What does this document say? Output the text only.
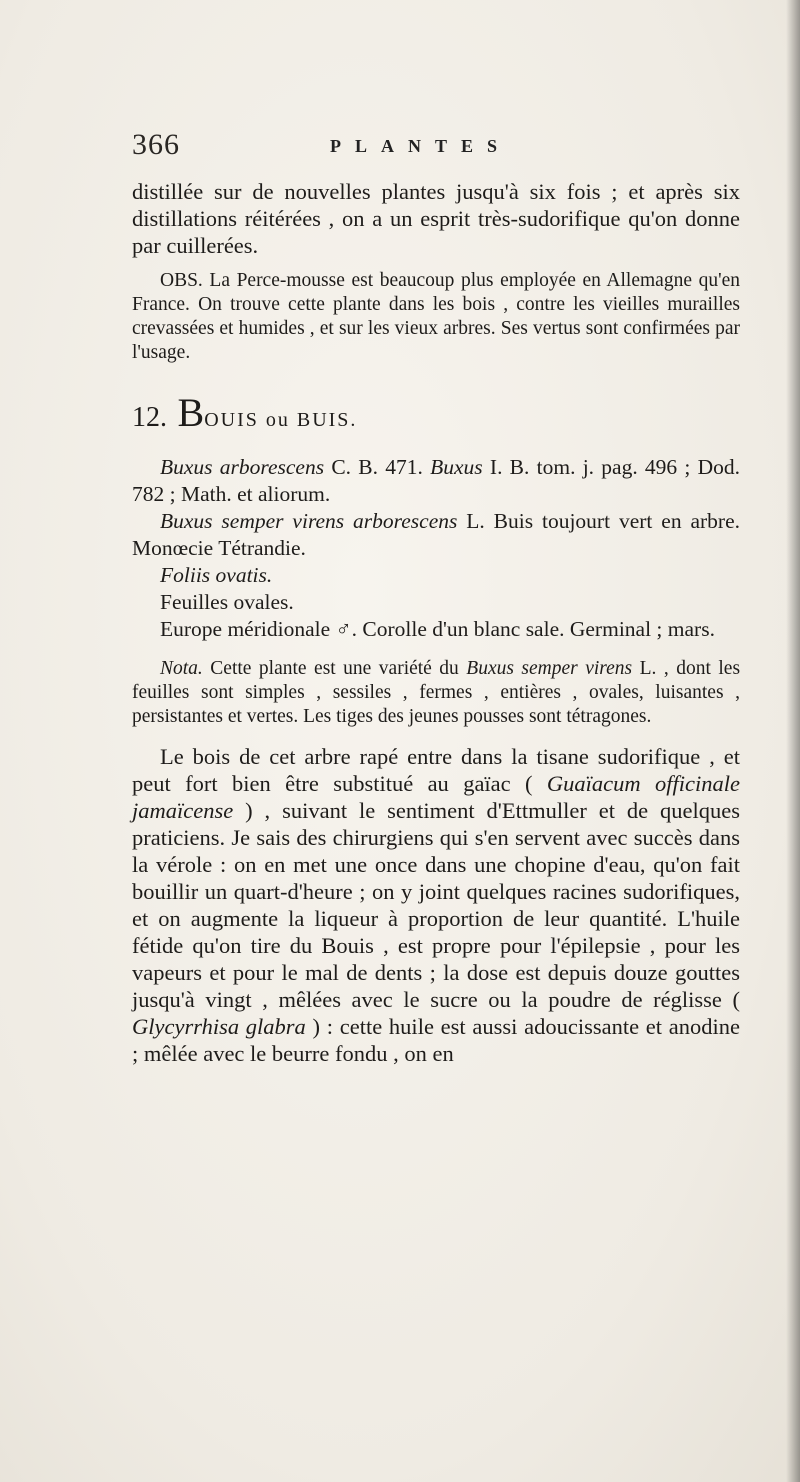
366	PLANTES

distillée sur de nouvelles plantes jusqu'à six fois ; et après six distillations réitérées , on a un esprit très-sudorifique qu'on donne par cuillerées.

OBS. La Perce-mousse est beaucoup plus employée en Allemagne qu'en France. On trouve cette plante dans les bois , contre les vieilles murailles crevassées et humides , et sur les vieux arbres. Ses vertus sont confirmées par l'usage.

12. BOUIS ou BUIS.

Buxus arborescens C. B. 471. Buxus I. B. tom. j. pag. 496 ; Dod. 782 ; Math. et aliorum.

Buxus semper virens arborescens L. Buis toujourt vert en arbre. Monœcie Tétrandie.

Foliis ovatis.

Feuilles ovales.

Europe méridionale ♂. Corolle d'un blanc sale. Germinal ; mars.

Nota. Cette plante est une variété du Buxus semper virens L. , dont les feuilles sont simples , sessiles , fermes , entières , ovales, luisantes , persistantes et vertes. Les tiges des jeunes pousses sont tétragones.

Le bois de cet arbre rapé entre dans la tisane sudorifique , et peut fort bien être substitué au gaïac ( Guaïacum officinale jamaïcense ) , suivant le sentiment d'Ettmuller et de quelques praticiens. Je sais des chirurgiens qui s'en servent avec succès dans la vérole : on en met une once dans une chopine d'eau, qu'on fait bouillir un quart-d'heure ; on y joint quelques racines sudorifiques, et on augmente la liqueur à proportion de leur quantité. L'huile fétide qu'on tire du Bouis , est propre pour l'épilepsie , pour les vapeurs et pour le mal de dents ; la dose est depuis douze gouttes jusqu'à vingt , mêlées avec le sucre ou la poudre de réglisse ( Glycyrrhisa glabra ) : cette huile est aussi adoucissante et anodine ; mêlée avec le beurre fondu , on en
